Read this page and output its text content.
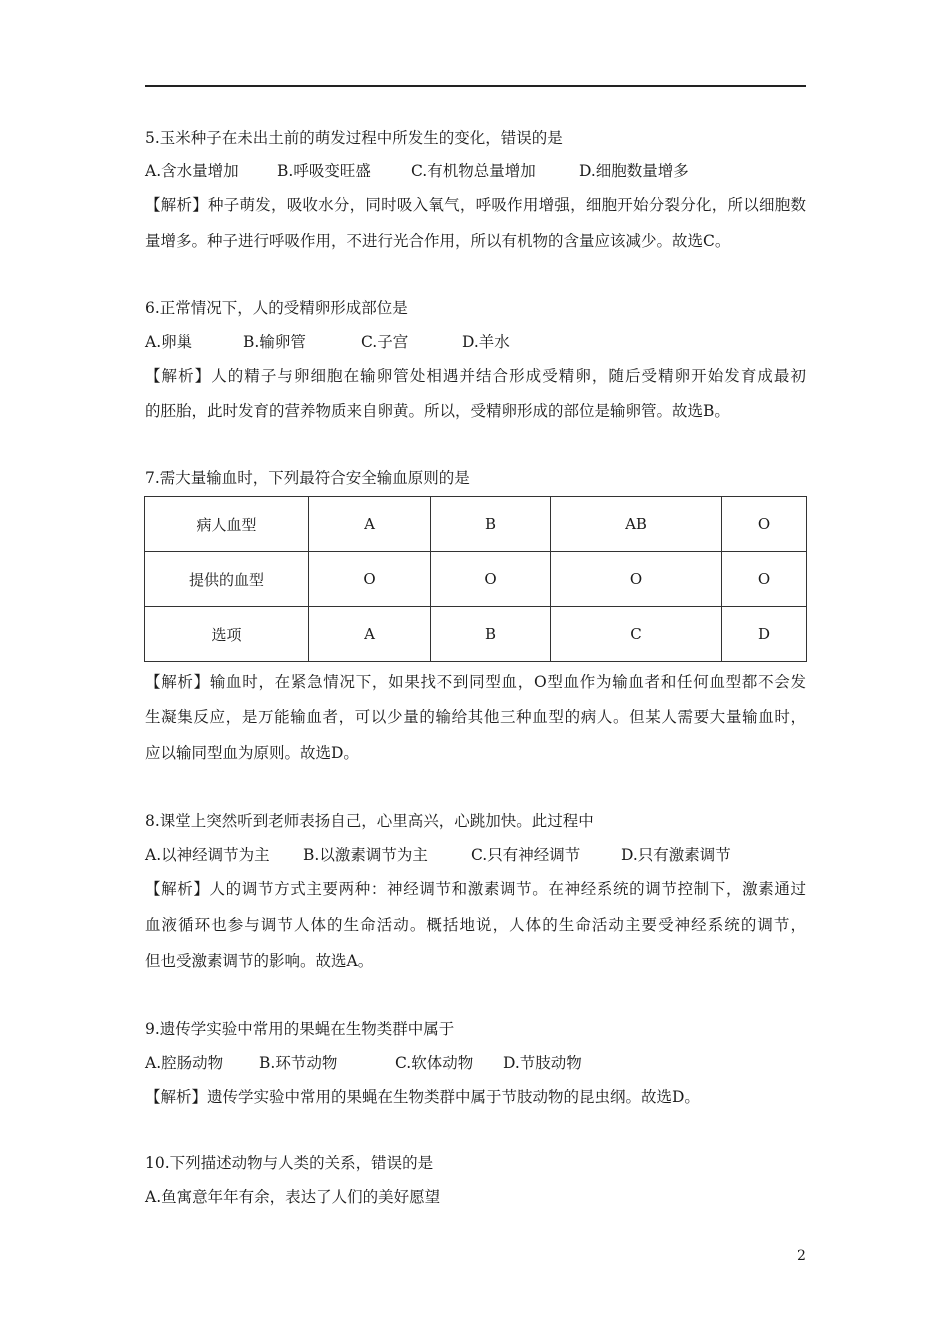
5.玉米种子在未出土前的萌发过程中所发生的变化，错误的是
A.含水量增加 B.呼吸变旺盛	C.有机物总量增加	D.细胞数量增多
【解析】种子萌发，吸收水分，同时吸入氧气，呼吸作用增强，细胞开始分裂分化，所以细胞数
量增多。种子进行呼吸作用，不进行光合作用，所以有机物的含量应该减少。故选C。
6.正常情况下，人的受精卵形成部位是
A.卵巢	B.输卵管	C.子宫	D.羊水
【解析】人的精子与卵细胞在输卵管处相遇并结合形成受精卵，随后受精卵开始发育成最初
的胚胎，此时发育的营养物质来自卵黄。所以，受精卵形成的部位是输卵管。故选B。
7.需大量输血时，下列最符合安全输血原则的是
病人血型	A	B	AB	O
提供的血型	O	O	O	O
选项	A	B	C	D
【解析】输血时，在紧急情况下，如果找不到同型血，O型血作为输血者和任何血型都不会发
生凝集反应，是万能输血者，可以少量的输给其他三种血型的病人。但某人需要大量输血时，
应以输同型血为原则。故选D。
8.课堂上突然听到老师表扬自己，心里高兴，心跳加快。此过程中
A.以神经调节为主 B.以激素调节为主	C.只有神经调节	D.只有激素调节
【解析】人的调节方式主要两种：神经调节和激素调节。在神经系统的调节控制下，激素通过
血液循环也参与调节人体的生命活动。概括地说，人体的生命活动主要受神经系统的调节，
但也受激素调节的影响。故选A。
9.遗传学实验中常用的果蝇在生物类群中属于
A.腔肠动物 B.环节动物	C.软体动物 D.节肢动物
【解析】遗传学实验中常用的果蝇在生物类群中属于节肢动物的昆虫纲。故选D。
10.下列描述动物与人类的关系，错误的是
A.鱼寓意年年有余，表达了人们的美好愿望
2
